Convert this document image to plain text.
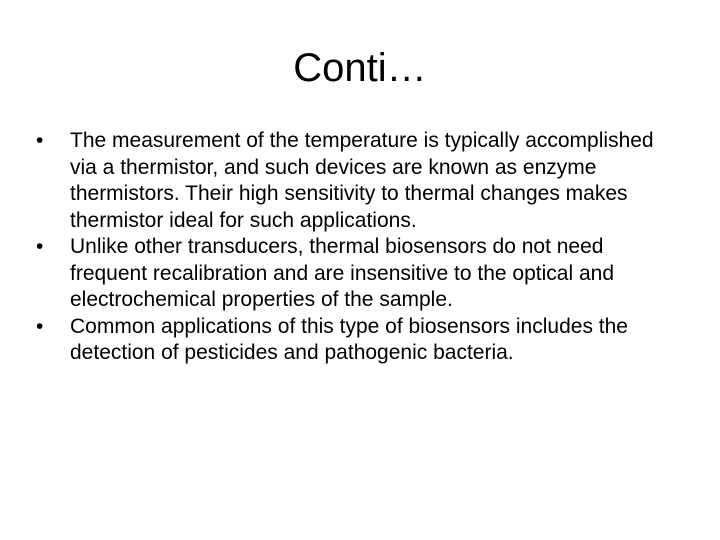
Conti…
•	The measurement of the temperature is typically accomplished via a thermistor, and such devices are known as enzyme thermistors. Their high sensitivity to thermal changes makes thermistor ideal for such applications.
•	Unlike other transducers, thermal biosensors do not need frequent recalibration and are insensitive to the optical and electrochemical properties of the sample.
•	Common applications of this type of biosensors includes the detection of pesticides and pathogenic bacteria.
